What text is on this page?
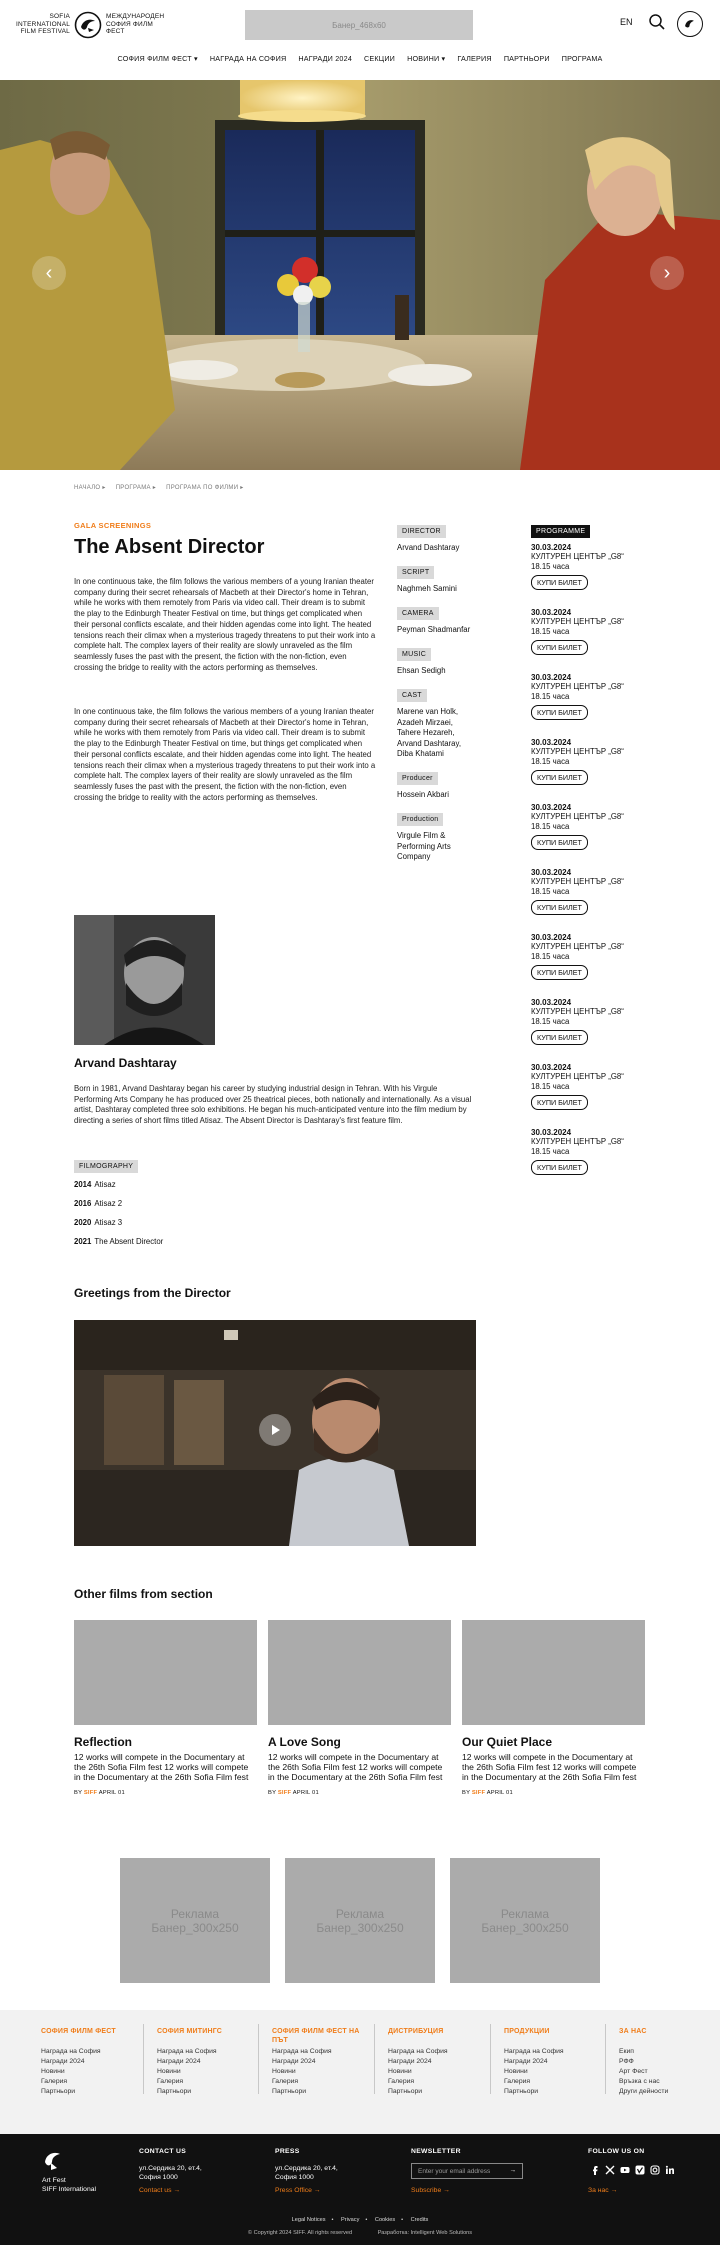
SOFIA
INTERNATIONAL
FILM FESTIVAL
МЕЖДУНАРОДЕН
СОФИЯ ФИЛМ
ФЕСТ
Банер_468x60	EN
СОФИЯ ФИЛМ ФЕСТ ▾	НАГРАДА НА СОФИЯ	НАГРАДИ 2024	СЕКЦИИ	НОВИНИ ▾	ГАЛЕРИЯ	ПАРТНЬОРИ	ПРОГРАМА
‹	›
НАЧАЛО ▸ ПРОГРАМА ▸ ПРОГРАМА ПО ФИЛМИ ▸
GALA SCREENINGS
The Absent Director
In one continuous take, the film follows the various members of a young Iranian theater company during their secret rehearsals of Macbeth at their Director's home in Tehran, while he works with them remotely from Paris via video call. Their dream is to submit the play to the Edinburgh Theater Festival on time, but things get complicated when their personal conflicts escalate, and their hidden agendas come into light. The heated tensions reach their climax when a mysterious tragedy threatens to put their work into a complete halt. The complex layers of their reality are slowly unraveled as the film seamlessly fuses the past with the present, the fiction with the non-fiction, even crossing the bridge to reality with the actors performing as themselves.
In one continuous take, the film follows the various members of a young Iranian theater company during their secret rehearsals of Macbeth at their Director's home in Tehran, while he works with them remotely from Paris via video call. Their dream is to submit the play to the Edinburgh Theater Festival on time, but things get complicated when their personal conflicts escalate, and their hidden agendas come into light. The heated tensions reach their climax when a mysterious tragedy threatens to put their work into a complete halt. The complex layers of their reality are slowly unraveled as the film seamlessly fuses the past with the present, the fiction with the non-fiction, even crossing the bridge to reality with the actors performing as themselves.
DIRECTOR
Arvand Dashtaray
SCRIPT
Naghmeh Samini
CAMERA
Peyman Shadmanfar
MUSIC
Ehsan Sedigh
CAST
Marene van Holk, Azadeh Mirzaei, Tahere Hezareh, Arvand Dashtaray, Diba Khatami
Producer
Hossein Akbari
Production
Virgule Film & Performing Arts Company
PROGRAMME
30.03.2024
КУЛТУРЕН ЦЕНТЪР „G8“
18.15 часа
КУПИ БИЛЕТ
30.03.2024
КУЛТУРЕН ЦЕНТЪР „G8“
18.15 часа
КУПИ БИЛЕТ
30.03.2024
КУЛТУРЕН ЦЕНТЪР „G8“
18.15 часа
КУПИ БИЛЕТ
30.03.2024
КУЛТУРЕН ЦЕНТЪР „G8“
18.15 часа
КУПИ БИЛЕТ
30.03.2024
КУЛТУРЕН ЦЕНТЪР „G8“
18.15 часа
КУПИ БИЛЕТ
30.03.2024
КУЛТУРЕН ЦЕНТЪР „G8“
18.15 часа
КУПИ БИЛЕТ
30.03.2024
КУЛТУРЕН ЦЕНТЪР „G8“
18.15 часа
КУПИ БИЛЕТ
30.03.2024
КУЛТУРЕН ЦЕНТЪР „G8“
18.15 часа
КУПИ БИЛЕТ
30.03.2024
КУЛТУРЕН ЦЕНТЪР „G8“
18.15 часа
КУПИ БИЛЕТ
30.03.2024
КУЛТУРЕН ЦЕНТЪР „G8“
18.15 часа
КУПИ БИЛЕТ
Arvand Dashtaray
Born in 1981, Arvand Dashtaray began his career by studying industrial design in Tehran. With his Virgule Performing Arts Company he has produced over 25 theatrical pieces, both nationally and internationally. As a visual artist, Dashtaray completed three solo exhibitions. He began his much-anticipated venture into the film medium by directing a series of short films titled Atisaz. The Absent Director is Dashtaray's first feature film.
FILMOGRAPHY
2014 Atisaz
2016 Atisaz 2
2020 Atisaz 3
2021 The Absent Director
Greetings from the Director
Other films from section
Reflection
12 works will compete in the Documentary at the 26th Sofia Film fest 12 works will compete in the Documentary at the 26th Sofia Film fest
BY SIFF APRIL 01
A Love Song
12 works will compete in the Documentary at the 26th Sofia Film fest 12 works will compete in the Documentary at the 26th Sofia Film fest
BY SIFF APRIL 01
Our Quiet Place
12 works will compete in the Documentary at the 26th Sofia Film fest 12 works will compete in the Documentary at the 26th Sofia Film fest
BY SIFF APRIL 01
Реклама
Банер_300x250
Реклама
Банер_300x250
Реклама
Банер_300x250
СОФИЯ ФИЛМ ФЕСТ
Награда на София
Награди 2024
Новини
Галерия
Партньори
СОФИЯ МИТИНГС
Награда на София
Награди 2024
Новини
Галерия
Партньори
СОФИЯ ФИЛМ ФЕСТ НА ПЪТ
Награда на София
Награди 2024
Новини
Галерия
Партньори
ДИСТРИБУЦИЯ
Награда на София
Награди 2024
Новини
Галерия
Партньори
ПРОДУКЦИИ
Награда на София
Награди 2024
Новини
Галерия
Партньори
ЗА НАС
Екип
РФФ
Арт Фест
Връзка с нас
Други дейности
Art Fest
SIFF International
CONTACT US
ул.Сердика 20, ет.4,
София 1000
Contact us →
PRESS
ул.Сердика 20, ет.4,
София 1000
Press Office →
NEWSLETTER
Enter your email address	→
Subscribe →
FOLLOW US ON
За нас →
Legal Notices • Privacy • Cookies • Credits
© Copyright 2024 SIFF. All rights reserved	Разработка: Intelligent Web Solutions
